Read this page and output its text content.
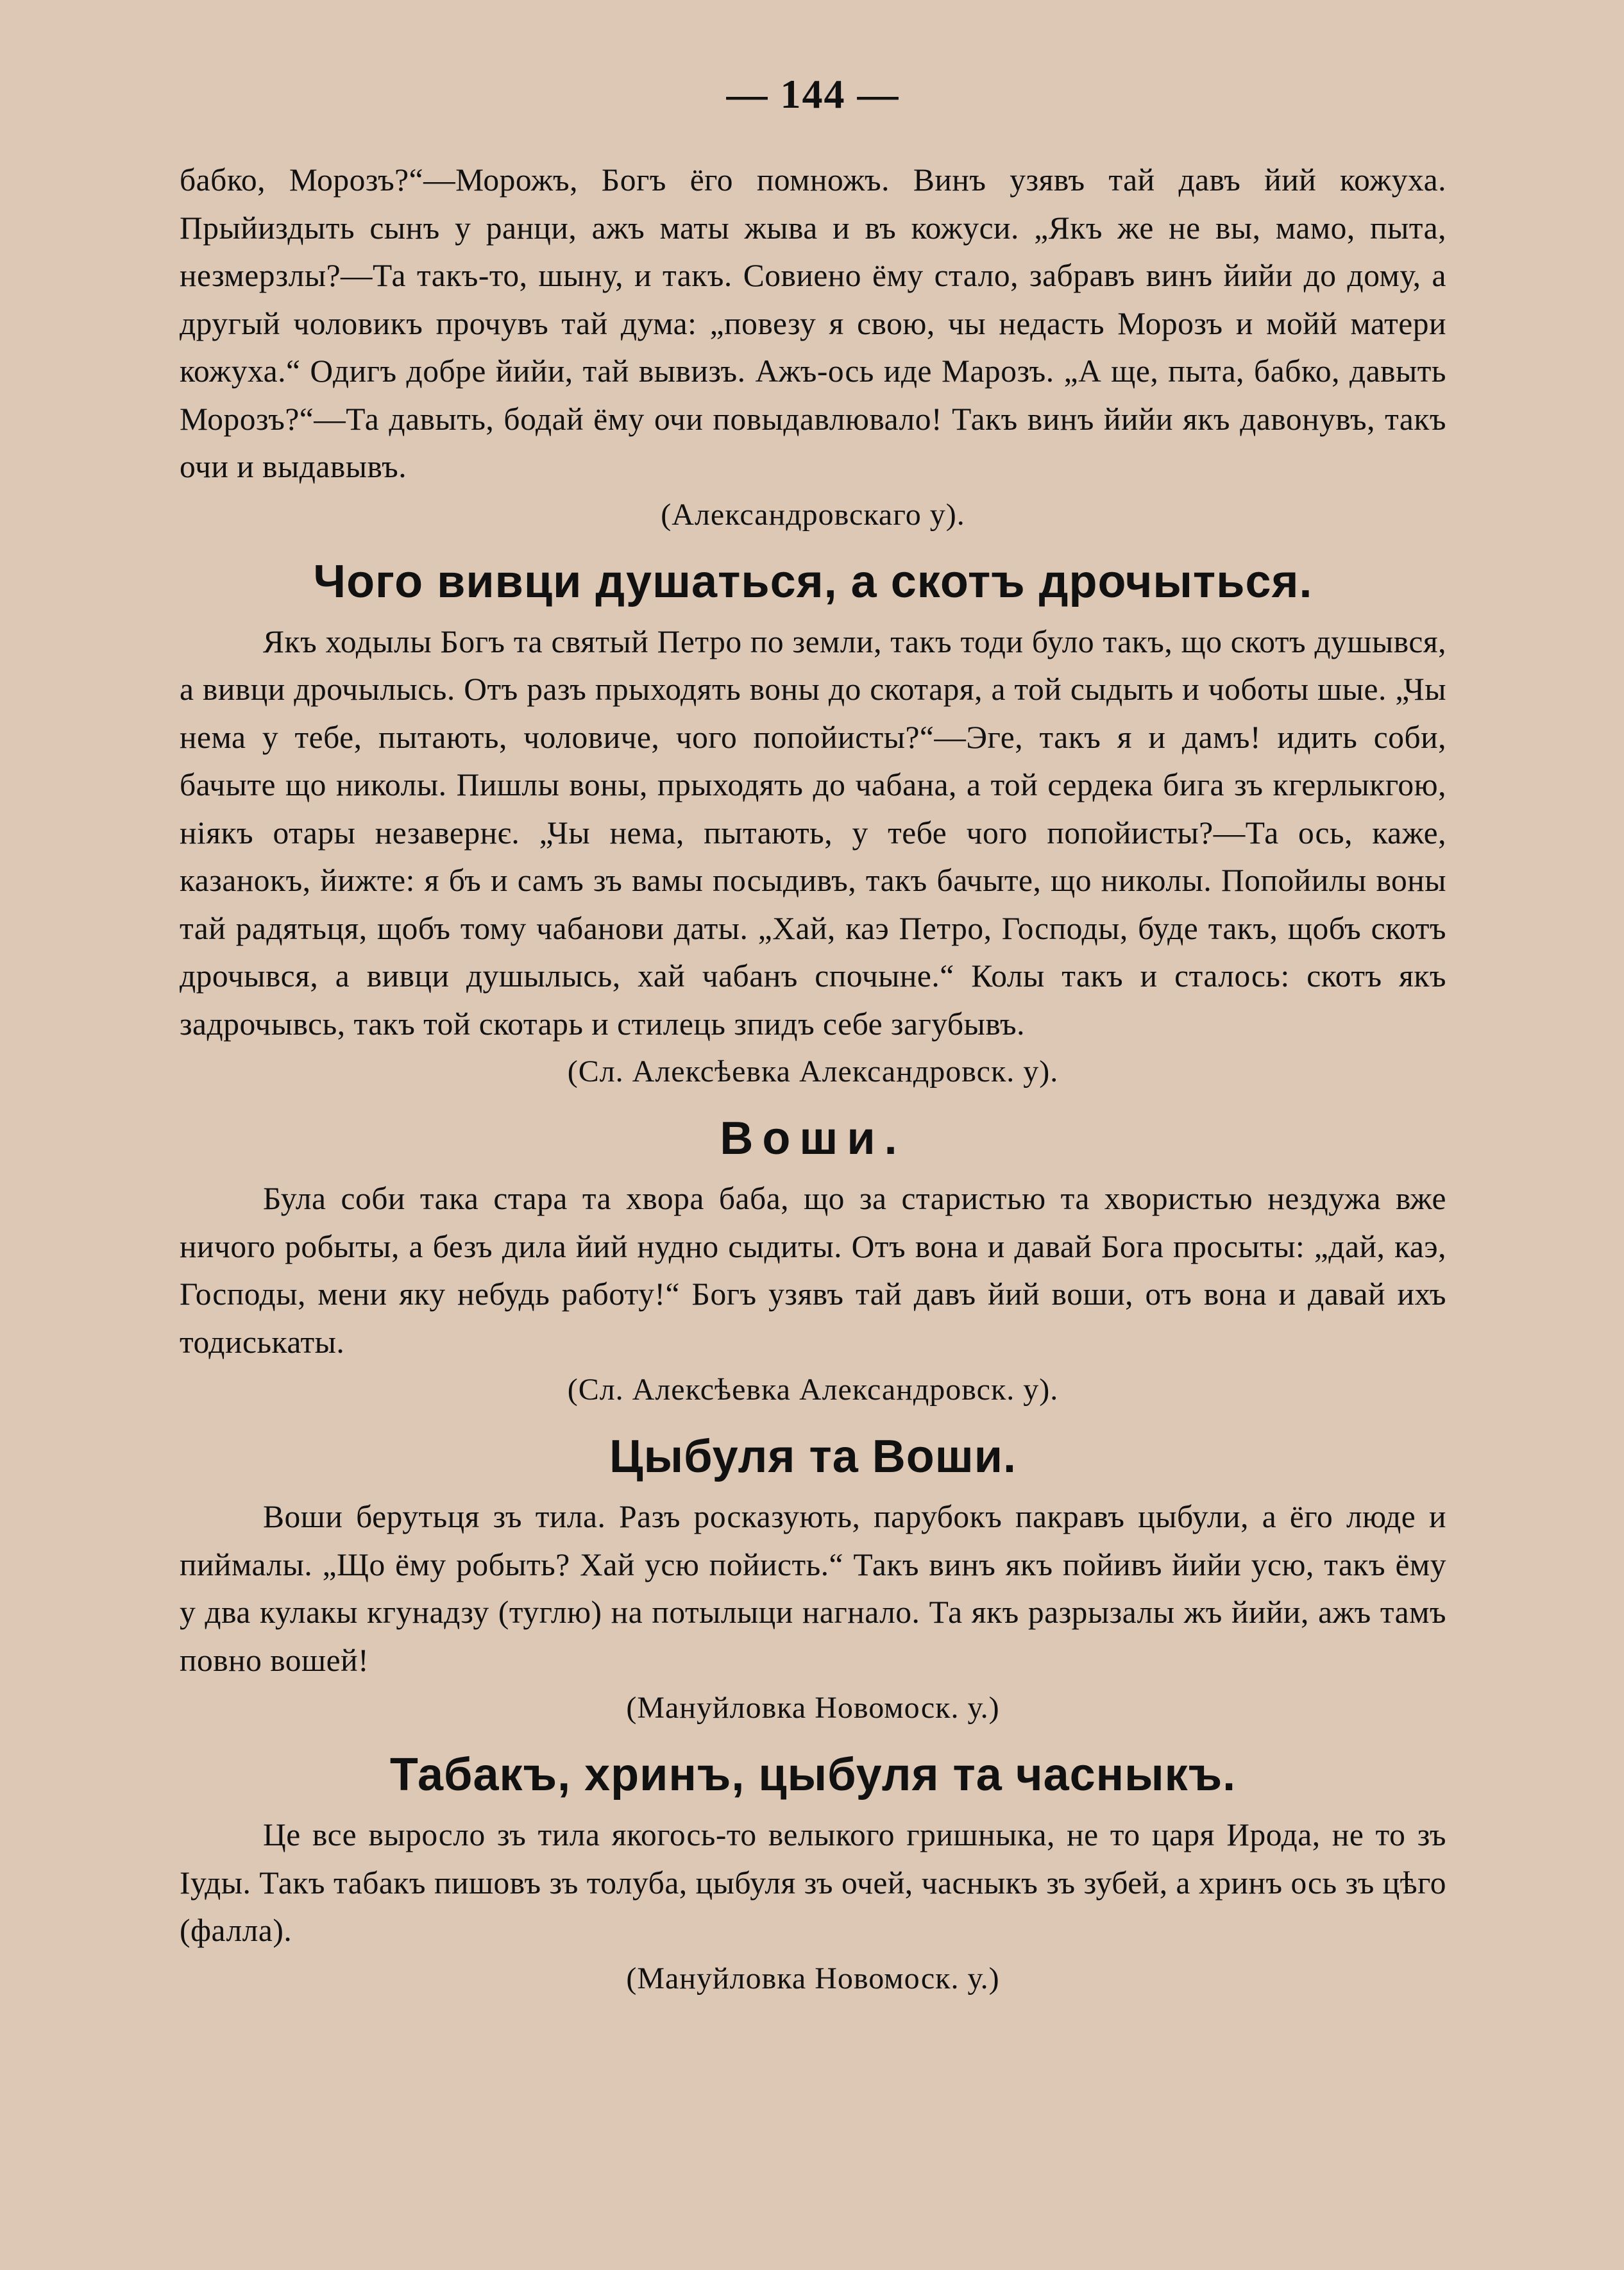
— 144 —

бабко, Морозъ?“—Морожъ, Богъ ёго помножъ. Винъ узявъ тай давъ йий кожуха. Прыйиздыть сынъ у ранци, ажъ маты жыва и въ кожуси. „Якъ же не вы, мамо, пыта, незмерзлы?—Та такъ-то, шыну, и такъ. Совиено ёму стало, забравъ винъ йийи до дому, а другый чоловикъ прочувъ тай дума: „повезу я свою, чы недасть Морозъ и мойй матери кожуха.“ Одигъ добре йийи, тай вывизъ. Ажъ-ось иде Марозъ. „А ще, пыта, бабко, давыть Морозъ?“—Та давыть, бодай ёму очи повыдавлювало! Такъ винъ йийи якъ давонувъ, такъ очи и выдавывъ.

(Александровскаго у).

Чого вивци душаться, а скотъ дрочыться.

Якъ ходылы Богъ та святый Петро по земли, такъ тоди було такъ, що скотъ душывся, а вивци дрочылысь. Отъ разъ прыходять воны до скотаря, а той сыдыть и чоботы шые. „Чы нема у тебе, пытають, чоловиче, чого попойисты?“—Эге, такъ я и дамъ! идить соби, бачыте що николы. Пишлы воны, прыходять до чабана, а той сердека бига зъ кгерлыкгою, ніякъ отары незавернє. „Чы нема, пытають, у тебе чого попойисты?—Та ось, каже, казанокъ, йижте: я бъ и самъ зъ вамы посыдивъ, такъ бачыте, що николы. Попойилы воны тай радятьця, щобъ тому чабанови даты. „Хай, каэ Петро, Господы, буде такъ, щобъ скотъ дрочывся, а вивци душылысь, хай чабанъ спочыне.“ Колы такъ и сталось: скотъ якъ задрочывсь, такъ той скотарь и стилець зпидъ себе загубывъ.

(Сл. Алексѣевка Александровск. у).

Воши.

Була соби така стара та хвора баба, що за старистью та хвористью нездужа вже ничого робыты, а безъ дила йий нудно сыдиты. Отъ вона и давай Бога просыты: „дай, каэ, Господы, мени яку небудь работу!“ Богъ узявъ тай давъ йий воши, отъ вона и давай ихъ тодиськаты.

(Сл. Алексѣевка Александровск. у).

Цыбуля та Воши.

Воши берутьця зъ тила. Разъ росказують, парубокъ пакравъ цыбули, а ёго люде и пиймалы. „Що ёму робыть? Хай усю пойисть.“ Такъ винъ якъ пойивъ йийи усю, такъ ёму у два кулакы кгунадзу (туглю) на потылыци нагнало. Та якъ разрызалы жъ йийи, ажъ тамъ повно вошей!

(Мануйловка Новомоск. у.)

Табакъ, хринъ, цыбуля та часныкъ.

Це все выросло зъ тила якогось-то велыкого гришныка, не то царя Ирода, не то зъ Іуды. Такъ табакъ пишовъ зъ толуба, цыбуля зъ очей, часныкъ зъ зубей, а хринъ ось зъ цѣго (фалла).

(Мануйловка Новомоск. у.)
